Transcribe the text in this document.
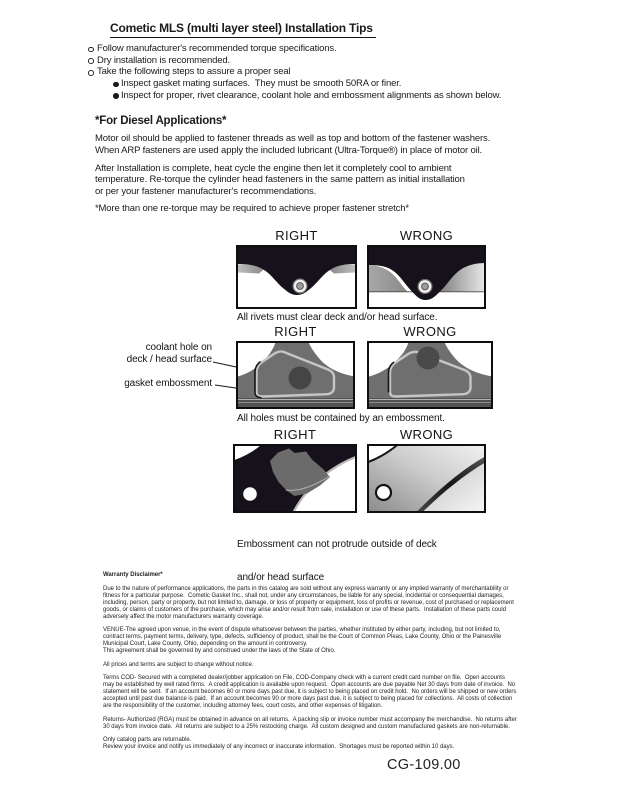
Cometic MLS (multi layer steel) Installation Tips
Follow manufacturer's recommended torque specifications.
Dry installation is recommended.
Take the following steps to assure a proper seal
Inspect gasket mating surfaces.  They must be smooth 50RA or finer.
Inspect for proper, rivet clearance, coolant hole and embossment alignments as shown below.
*For Diesel Applications*
Motor oil should be applied to fastener threads as well as top and bottom of the fastener washers.
When ARP fasteners are used apply the included lubricant (Ultra-Torque®) in place of motor oil.
After Installation is complete, heat cycle the engine then let it completely cool to ambient
temperature. Re-torque the cylinder head fasteners in the same pattern as initial installation
or per your fastener manufacturer's recommendations.
*More than one re-torque may be required to achieve proper fastener stretch*
RIGHT	WRONG
All rivets must clear deck and/or head surface.
RIGHT	WRONG
coolant hole on
deck / head surface
gasket embossment
All holes must be contained by an embossment.
RIGHT	WRONG

Embossment can not protrude outside of deck

and/or head surface

Warranty Disclaimer*

Due to the nature of performance applications, the parts in this catalog are sold without any express warranty or any implied warranty of merchantability or fitness for a particular purpose.  Cometic Gasket Inc., shall not, under any circumstances, be liable for any special, incidental or consequential damages, including, person, party or property, but not limited to, damage, or loss of property or equipment, loss of profits or revenue, cost of purchased or replacement goods, or claims of customers of the purchase, which may arise and/or result from sale, installation or use of these parts.  Installation of these parts could adversely affect the motor manufacturers warranty coverage.

VENUE-The agreed upon venue, in the event of dispute whatsoever between the parties, whether instituted by either party, including, but not limited to, contract terms, payment terms, delivery, type, defects, sufficiency of product, shall be the Court of Common Pleas, Lake County, Ohio or the Painesville Municipal Court, Lake County, Ohio, depending on the amount in controversy.

This agreement shall be governed by and construed under the laws of the State of Ohio.

All prices and terms are subject to change without notice.

Terms COD- Secured with a completed dealer/jobber application on File, COD-Company check with a current credit card number on file.  Open accounts may be established by well rated firms.  A credit application is available upon request.  Open accounts are due payable Net 30 days from date of invoice.  No statement will be sent.  If an account becomes 60 or more days past due, it is subject to being placed on credit hold.  No orders will be shipped or new orders accepted until past due balance is paid.  If an account becomes 90 or more days past due, it is subject to being placed for collections.  All costs of collection are the responsibility of the customer, including attorney fees, court costs, and other expenses of litigation.

Returns- Authorized (RGA) must be obtained in advance on all returns.  A packing slip or invoice number must accompany the merchandise.  No returns after 30 days from invoice date.  All returns are subject to a 25% restocking charge.  All custom designed and custom manufactured gaskets are non-returnable.

Only catalog parts are returnable.

Review your invoice and notify us immediately of any incorrect or inaccurate information.  Shortages must be reported within 10 days.

CG-109.00
